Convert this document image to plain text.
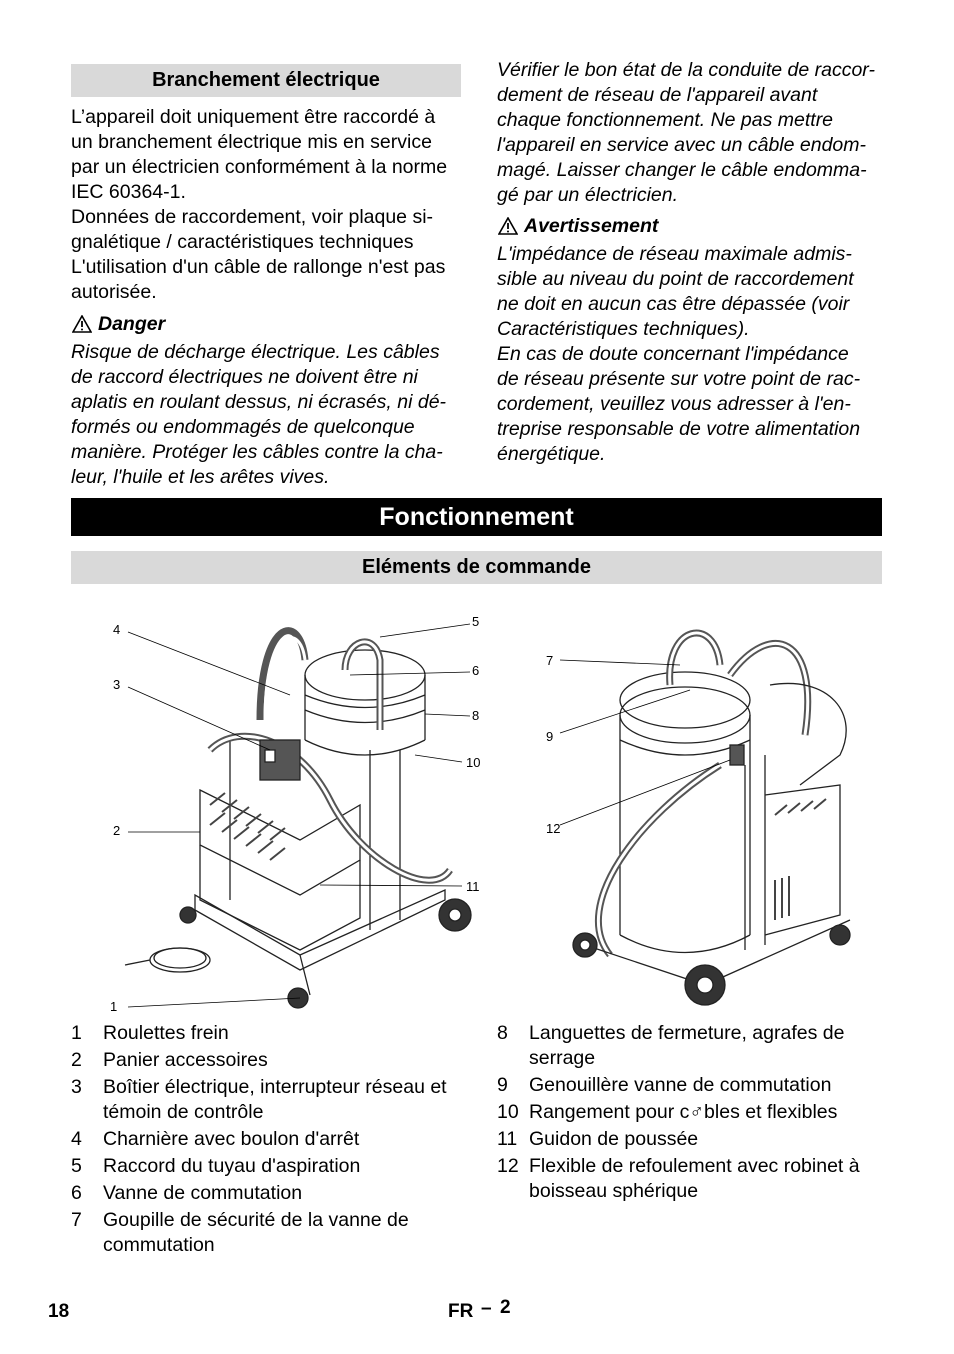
Branchement électrique

L’appareil doit uniquement être raccordé à

un branchement électrique mis en service

par un électricien conformément à la norme

IEC 60364-1.

Données de raccordement, voir plaque si-

gnalétique / caractéristiques techniques

L'utilisation d'un câble de rallonge n'est pas

autorisée.

Danger

Risque de décharge électrique. Les câbles

de raccord électriques ne doivent être ni

aplatis en roulant dessus, ni écrasés, ni dé-

formés ou endommagés de quelconque

manière. Protéger les câbles contre la cha-

leur, l'huile et les arêtes vives.

Vérifier le bon état de la conduite de raccor-

dement de réseau de l'appareil avant

chaque fonctionnement. Ne pas mettre

l'appareil en service avec un câble endom-

magé. Laisser changer le câble endomma-

gé par un électricien.

Avertissement

L'impédance de réseau maximale admis-

sible au niveau du point de raccordement

ne doit en aucun cas être dépassée (voir

Caractéristiques techniques).

En cas de doute concernant l'impédance

de réseau présente sur votre point de rac-

cordement, veuillez vous adresser à l'en-

treprise responsable de votre alimentation

énergétique.

Fonctionnement
Eléments de commande
4
3
2
1
5
6
8
10
11
7
9
12
1	Roulettes frein
2	Panier accessoires
3	Boîtier électrique, interrupteur réseau et
témoin de contrôle
4	Charnière avec boulon d'arrêt
5	Raccord du tuyau d'aspiration
6	Vanne de commutation
7	Goupille de sécurité de la vanne de
commutation
8	Languettes de fermeture, agrafes de
serrage
9	Genouillère vanne de commutation
10 Rangement pour c♂bles et flexibles
11 Guidon de poussée
12 Flexible de refoulement avec robinet à
boisseau sphérique
18	FR – 2
